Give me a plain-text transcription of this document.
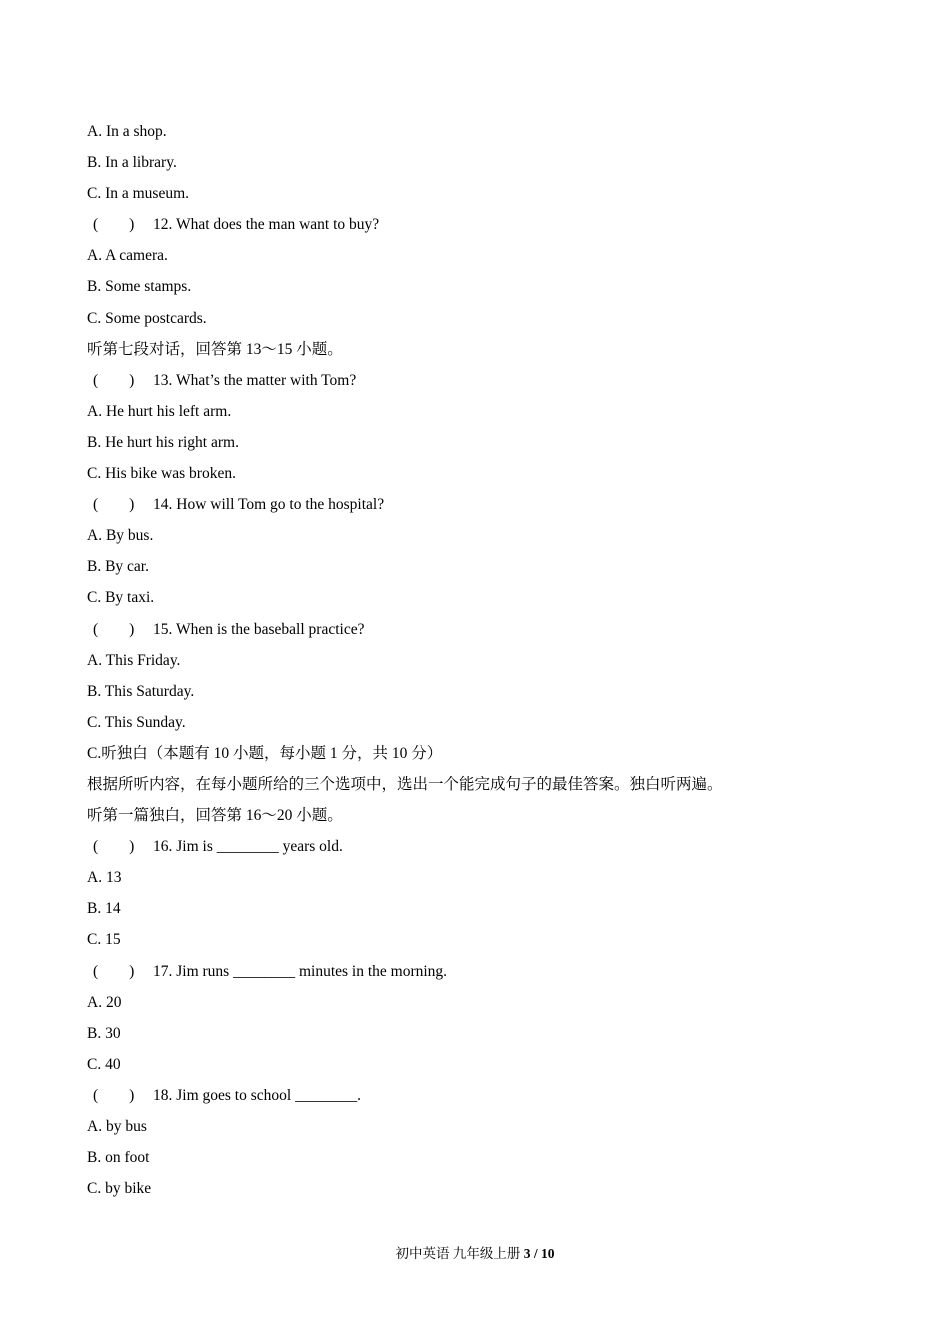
A. In a shop.
B. In a library.
C. In a museum.
(        ) 12. What does the man want to buy?
A. A camera.
B. Some stamps.
C. Some postcards.
听第七段对话，回答第 13～15 小题。
(        ) 13. What’s the matter with Tom?
A. He hurt his left arm.
B. He hurt his right arm.
C. His bike was broken.
(        ) 14. How will Tom go to the hospital?
A. By bus.
B. By car.
C. By taxi.
(        ) 15. When is the baseball practice?
A. This Friday.
B. This Saturday.
C. This Sunday.
C.听独白（本题有 10 小题，每小题 1 分，共 10 分）
根据所听内容，在每小题所给的三个选项中，选出一个能完成句子的最佳答案。独白听两遍。
听第一篇独白，回答第 16～20 小题。
(        ) 16. Jim is ________ years old.
A. 13
B. 14
C. 15
(        ) 17. Jim runs ________ minutes in the morning.
A. 20
B. 30
C. 40
(        ) 18. Jim goes to school ________.
A. by bus
B. on foot
C. by bike
初中英语 九年级上册 3 / 10
